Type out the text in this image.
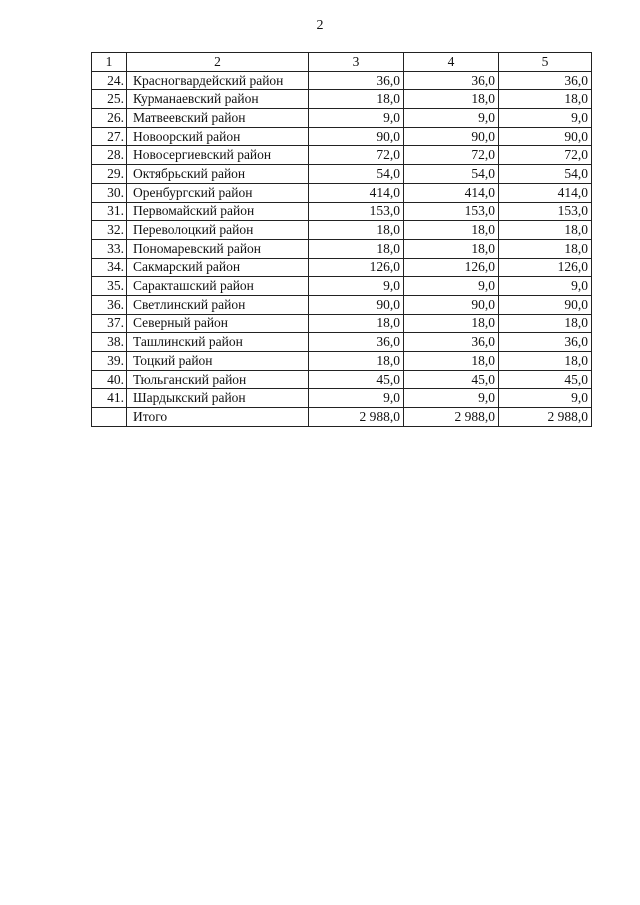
2
1	2	3	4	5
24.	Красногвардейский район	36,0	36,0	36,0
25.	Курманаевский район	18,0	18,0	18,0
26.	Матвеевский район	9,0	9,0	9,0
27.	Новоорский район	90,0	90,0	90,0
28.	Новосергиевский район	72,0	72,0	72,0
29.	Октябрьский район	54,0	54,0	54,0
30.	Оренбургский район	414,0	414,0	414,0
31.	Первомайский район	153,0	153,0	153,0
32.	Переволоцкий район	18,0	18,0	18,0
33.	Пономаревский район	18,0	18,0	18,0
34.	Сакмарский район	126,0	126,0	126,0
35.	Саракташский район	9,0	9,0	9,0
36.	Светлинский район	90,0	90,0	90,0
37.	Северный район	18,0	18,0	18,0
38.	Ташлинский район	36,0	36,0	36,0
39.	Тоцкий район	18,0	18,0	18,0
40.	Тюльганский район	45,0	45,0	45,0
41.	Шардыкский район	9,0	9,0	9,0
	Итого	2 988,0	2 988,0	2 988,0
